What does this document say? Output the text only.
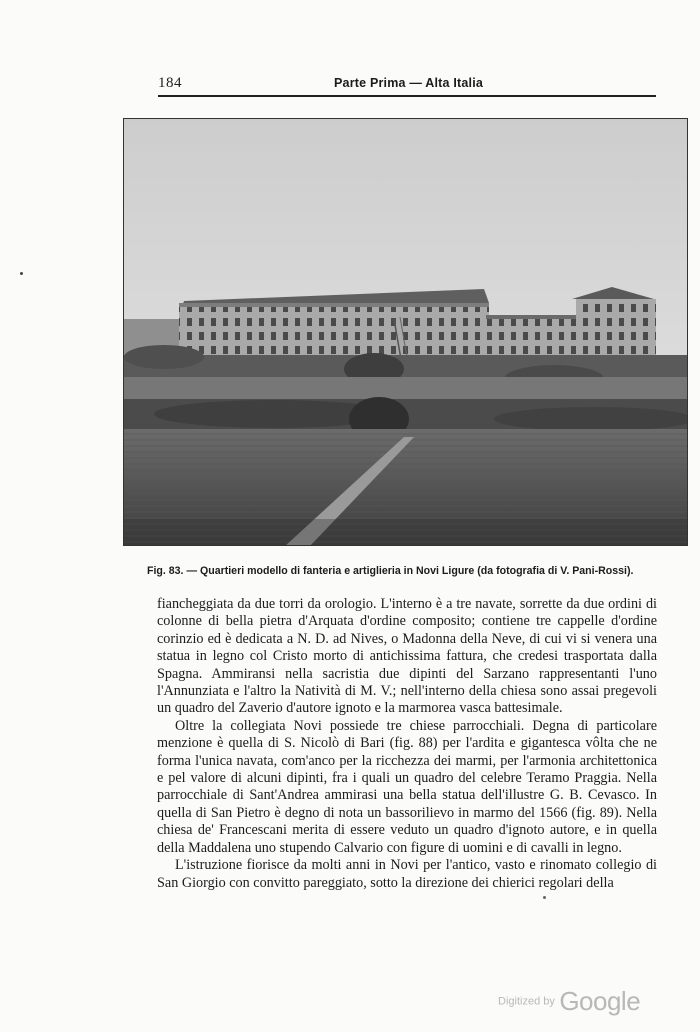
184	Parte Prima — Alta Italia
Fig. 83. — Quartieri modello di fanteria e artiglieria in Novi Ligure (da fotografia di V. Pani-Rossi).

fiancheggiata da due torri da orologio. L'interno è a tre navate, sorrette da due ordini di colonne di bella pietra d'Arquata d'ordine composito; contiene tre cappelle d'ordine corinzio ed è dedicata a N. D. ad Nives, o Madonna della Neve, di cui vi si venera una statua in legno col Cristo morto di antichissima fattura, che credesi trasportata dalla Spagna. Ammiransi nella sacristia due dipinti del Sarzano rappresentanti l'uno l'Annunziata e l'altro la Natività di M. V.; nell'interno della chiesa sono assai pregevoli un quadro del Zaverio d'autore ignoto e la marmorea vasca battesimale.

Oltre la collegiata Novi possiede tre chiese parrocchiali. Degna di particolare menzione è quella di S. Nicolò di Bari (fig. 88) per l'ardita e gigantesca vôlta che ne forma l'unica navata, com'anco per la ricchezza dei marmi, per l'armonia architettonica e pel valore di alcuni dipinti, fra i quali un quadro del celebre Teramo Praggia. Nella parrocchiale di Sant'Andrea ammirasi una bella statua dell'illustre G. B. Cevasco. In quella di San Pietro è degno di nota un bassorilievo in marmo del 1566 (fig. 89). Nella chiesa de' Francescani merita di essere veduto un quadro d'ignoto autore, e in quella della Maddalena uno stupendo Calvario con figure di uomini e di cavalli in legno.

L'istruzione fiorisce da molti anni in Novi per l'antico, vasto e rinomato collegio di San Giorgio con convitto pareggiato, sotto la direzione dei chierici regolari della

Digitized by Google
